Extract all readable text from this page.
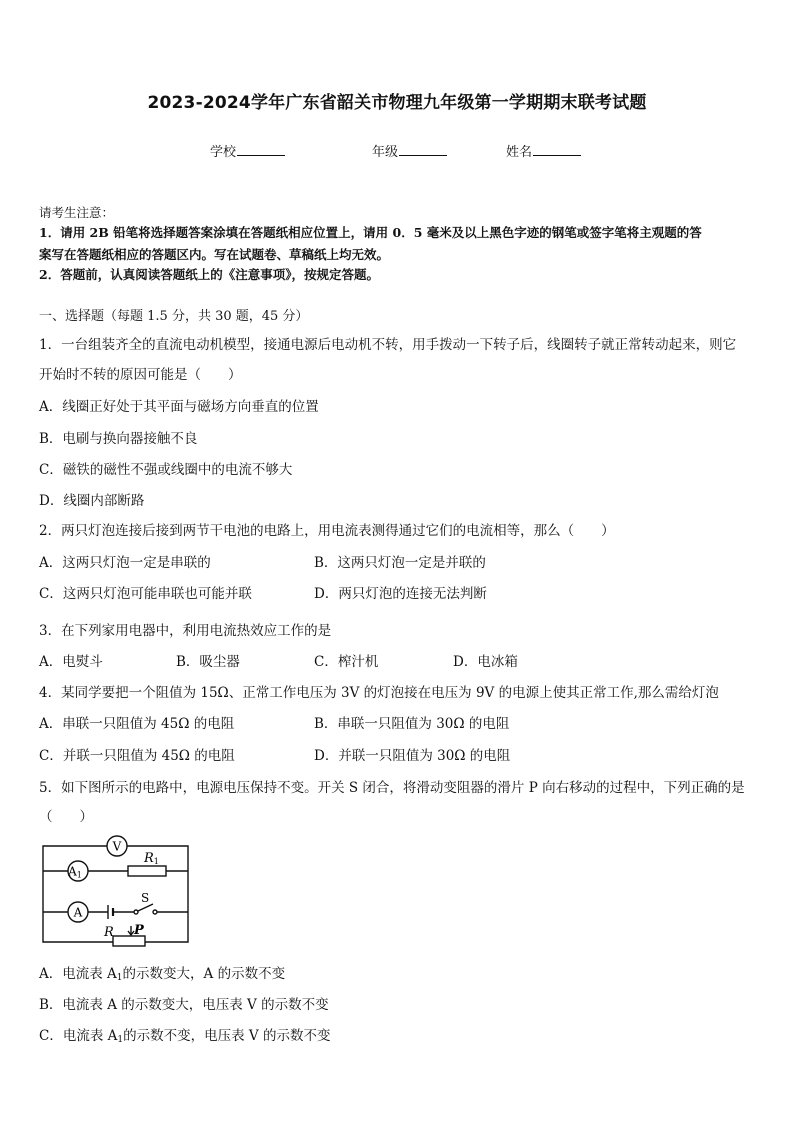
2023-2024学年广东省韶关市物理九年级第一学期期末联考试题
学校	年级	姓名
请考生注意：
1．请用 2B 铅笔将选择题答案涂填在答题纸相应位置上，请用 0．5 毫米及以上黑色字迹的钢笔或签字笔将主观题的答
案写在答题纸相应的答题区内。写在试题卷、草稿纸上均无效。
2．答题前，认真阅读答题纸上的《注意事项》，按规定答题。
一、选择题（每题 1.5 分，共 30 题，45 分）
1．一台组装齐全的直流电动机模型，接通电源后电动机不转，用手拨动一下转子后，线圈转子就正常转动起来，则它
开始时不转的原因可能是（　　）
A．线圈正好处于其平面与磁场方向垂直的位置
B．电刷与换向器接触不良
C．磁铁的磁性不强或线圈中的电流不够大
D．线圈内部断路
2．两只灯泡连接后接到两节干电池的电路上，用电流表测得通过它们的电流相等，那么（　　）
A．这两只灯泡一定是串联的	B．这两只灯泡一定是并联的
C．这两只灯泡可能串联也可能并联	D．两只灯泡的连接无法判断
3．在下列家用电器中，利用电流热效应工作的是
A．电熨斗	B．吸尘器	C．榨汁机	D．电冰箱
4．某同学要把一个阻值为 15Ω、正常工作电压为 3V 的灯泡接在电压为 9V 的电源上使其正常工作,那么需给灯泡
A．串联一只阻值为 45Ω 的电阻	B．串联一只阻值为 30Ω 的电阻
C．并联一只阻值为 45Ω 的电阻	D．并联一只阻值为 30Ω 的电阻
5．如下图所示的电路中，电源电压保持不变。开关 S 闭合，将滑动变阻器的滑片 P 向右移动的过程中，下列正确的是
（　　）
V
A1
R1
A
S
R P
A．电流表 $A_1$的示数变大，A 的示数不变
B．电流表 A 的示数变大，电压表 V 的示数不变
C．电流表 $A_1$的示数不变，电压表 V 的示数不变
